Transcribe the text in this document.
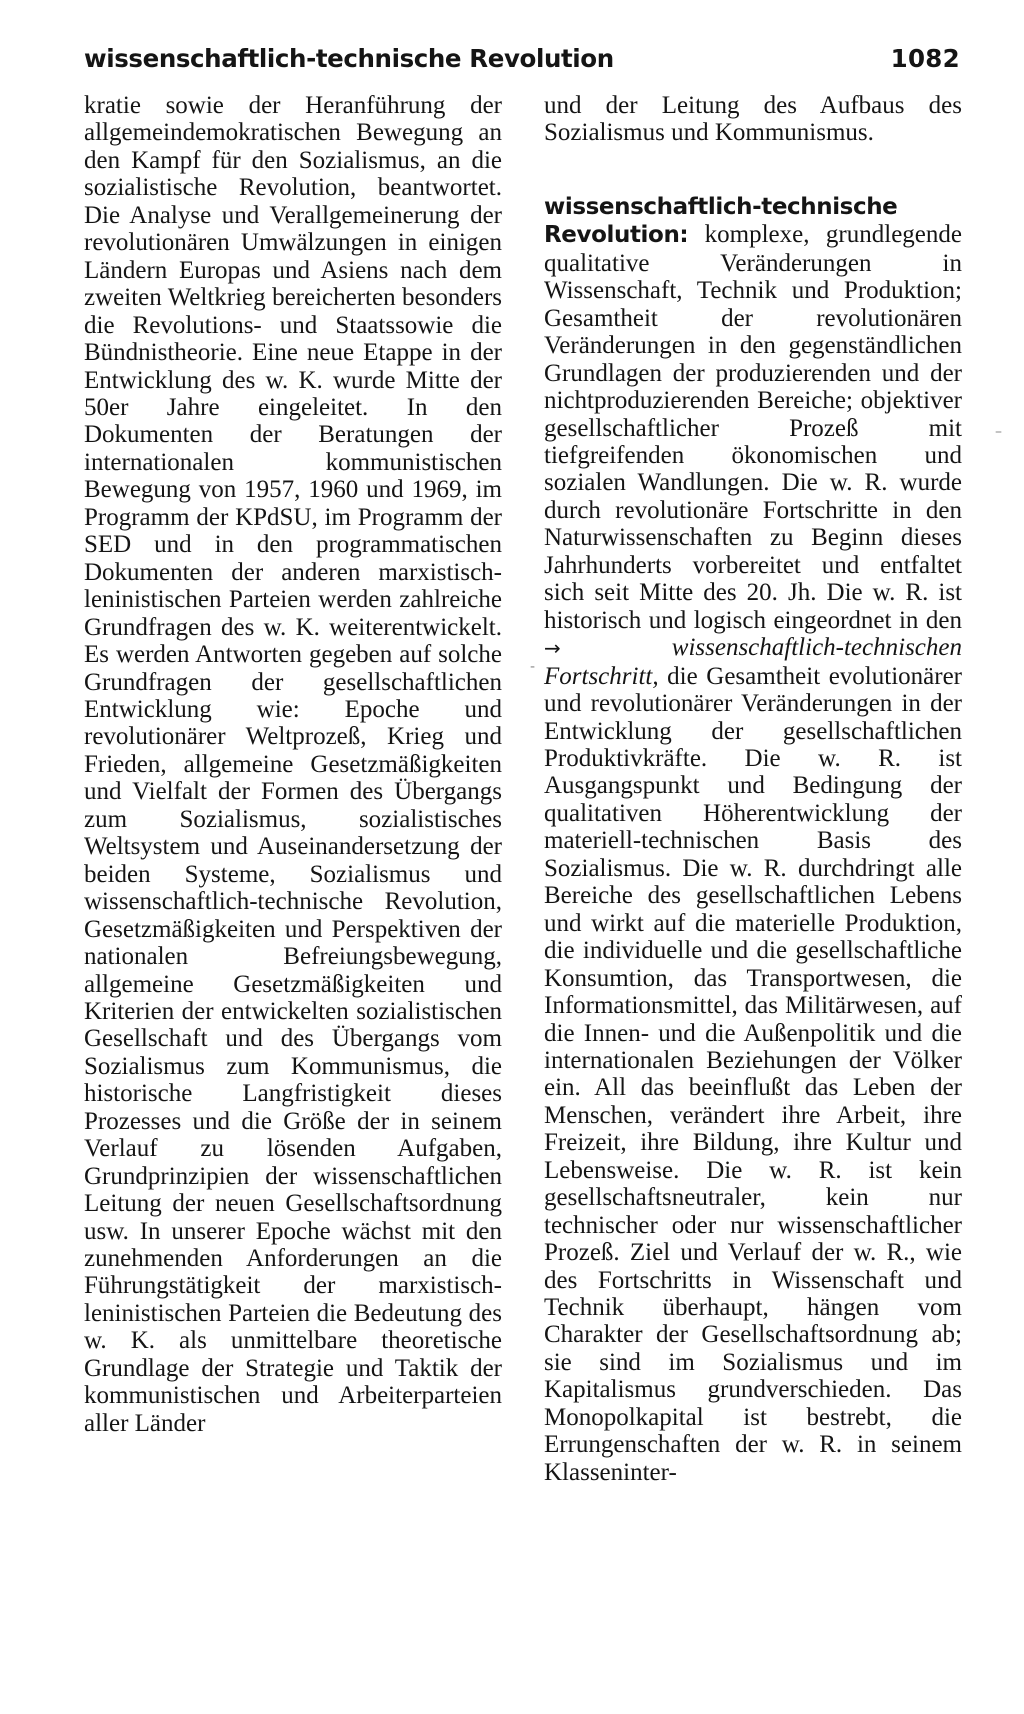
wissenschaftlich-technische Revolution	1082

kratie sowie der Heranführung der allgemeindemokratischen Bewegung an den Kampf für den Sozialismus, an die sozialistische Revolution, beantwortet. Die Analyse und Verallgemeinerung der revolutionären Umwälzungen in einigen Ländern Europas und Asiens nach dem zweiten Weltkrieg bereicherten besonders die Revolutions- und Staatssowie die Bündnistheorie. Eine neue Etappe in der Entwicklung des w. K. wurde Mitte der 50er Jahre eingeleitet. In den Dokumenten der Beratungen der internationalen kommunistischen Bewegung von 1957, 1960 und 1969, im Programm der KPdSU, im Programm der SED und in den programmatischen Dokumenten der anderen marxistisch-leninistischen Parteien werden zahlreiche Grundfragen des w. K. weiterentwickelt. Es werden Antworten gegeben auf solche Grundfragen der gesellschaftlichen Entwicklung wie: Epoche und revolutionärer Weltprozeß, Krieg und Frieden, allgemeine Gesetzmäßigkeiten und Vielfalt der Formen des Übergangs zum Sozialismus, sozialistisches Weltsystem und Auseinandersetzung der beiden Systeme, Sozialismus und wissenschaftlich-technische Revolution, Gesetzmäßigkeiten und Perspektiven der nationalen Befreiungsbewegung, allgemeine Gesetzmäßigkeiten und Kriterien der entwickelten sozialistischen Gesellschaft und des Übergangs vom Sozialismus zum Kommunismus, die historische Langfristigkeit dieses Prozesses und die Größe der in seinem Verlauf zu lösenden Aufgaben, Grundprinzipien der wissenschaftlichen Leitung der neuen Gesellschaftsordnung usw. In unserer Epoche wächst mit den zunehmenden Anforderungen an die Führungstätigkeit der marxistisch-leninistischen Parteien die Bedeutung des w. K. als unmittelbare theoretische Grundlage der Strategie und Taktik der kommunistischen und Arbeiterparteien aller Länder

und der Leitung des Aufbaus des Sozialismus und Kommunismus.

wissenschaftlich-technische Revolution: komplexe, grundlegende qualitative Veränderungen in Wissenschaft, Technik und Produktion; Gesamtheit der revolutionären Veränderungen in den gegenständlichen Grundlagen der produzierenden und der nichtproduzierenden Bereiche; objektiver gesellschaftlicher Prozeß mit tiefgreifenden ökonomischen und sozialen Wandlungen. Die w. R. wurde durch revolutionäre Fortschritte in den Naturwissenschaften zu Beginn dieses Jahrhunderts vorbereitet und entfaltet sich seit Mitte des 20. Jh. Die w. R. ist historisch und logisch eingeordnet in den →	wissenschaftlich-technischen Fortschritt, die Gesamtheit evolutionärer und revolutionärer Veränderungen in der Entwicklung der gesellschaftlichen Produktivkräfte. Die w. R. ist Ausgangspunkt und Bedingung der qualitativen Höherentwicklung der materiell-technischen Basis des Sozialismus. Die w. R. durchdringt alle Bereiche des gesellschaftlichen Lebens und wirkt auf die materielle Produktion, die individuelle und die gesellschaftliche Konsumtion, das Transportwesen, die Informationsmittel, das Militärwesen, auf die Innen- und die Außenpolitik und die internationalen Beziehungen der Völker ein. All das beeinflußt das Leben der Menschen, verändert ihre Arbeit, ihre Freizeit, ihre Bildung, ihre Kultur und Lebensweise. Die w. R. ist kein gesellschaftsneutraler, kein nur technischer oder nur wissenschaftlicher Prozeß. Ziel und Verlauf der w. R., wie des Fortschritts in Wissenschaft und Technik überhaupt, hängen vom Charakter der Gesellschaftsordnung ab; sie sind im Sozialismus und im Kapitalismus grundverschieden. Das Monopolkapital ist bestrebt, die Errungenschaften der w. R. in seinem Klasseninter-

–
-
